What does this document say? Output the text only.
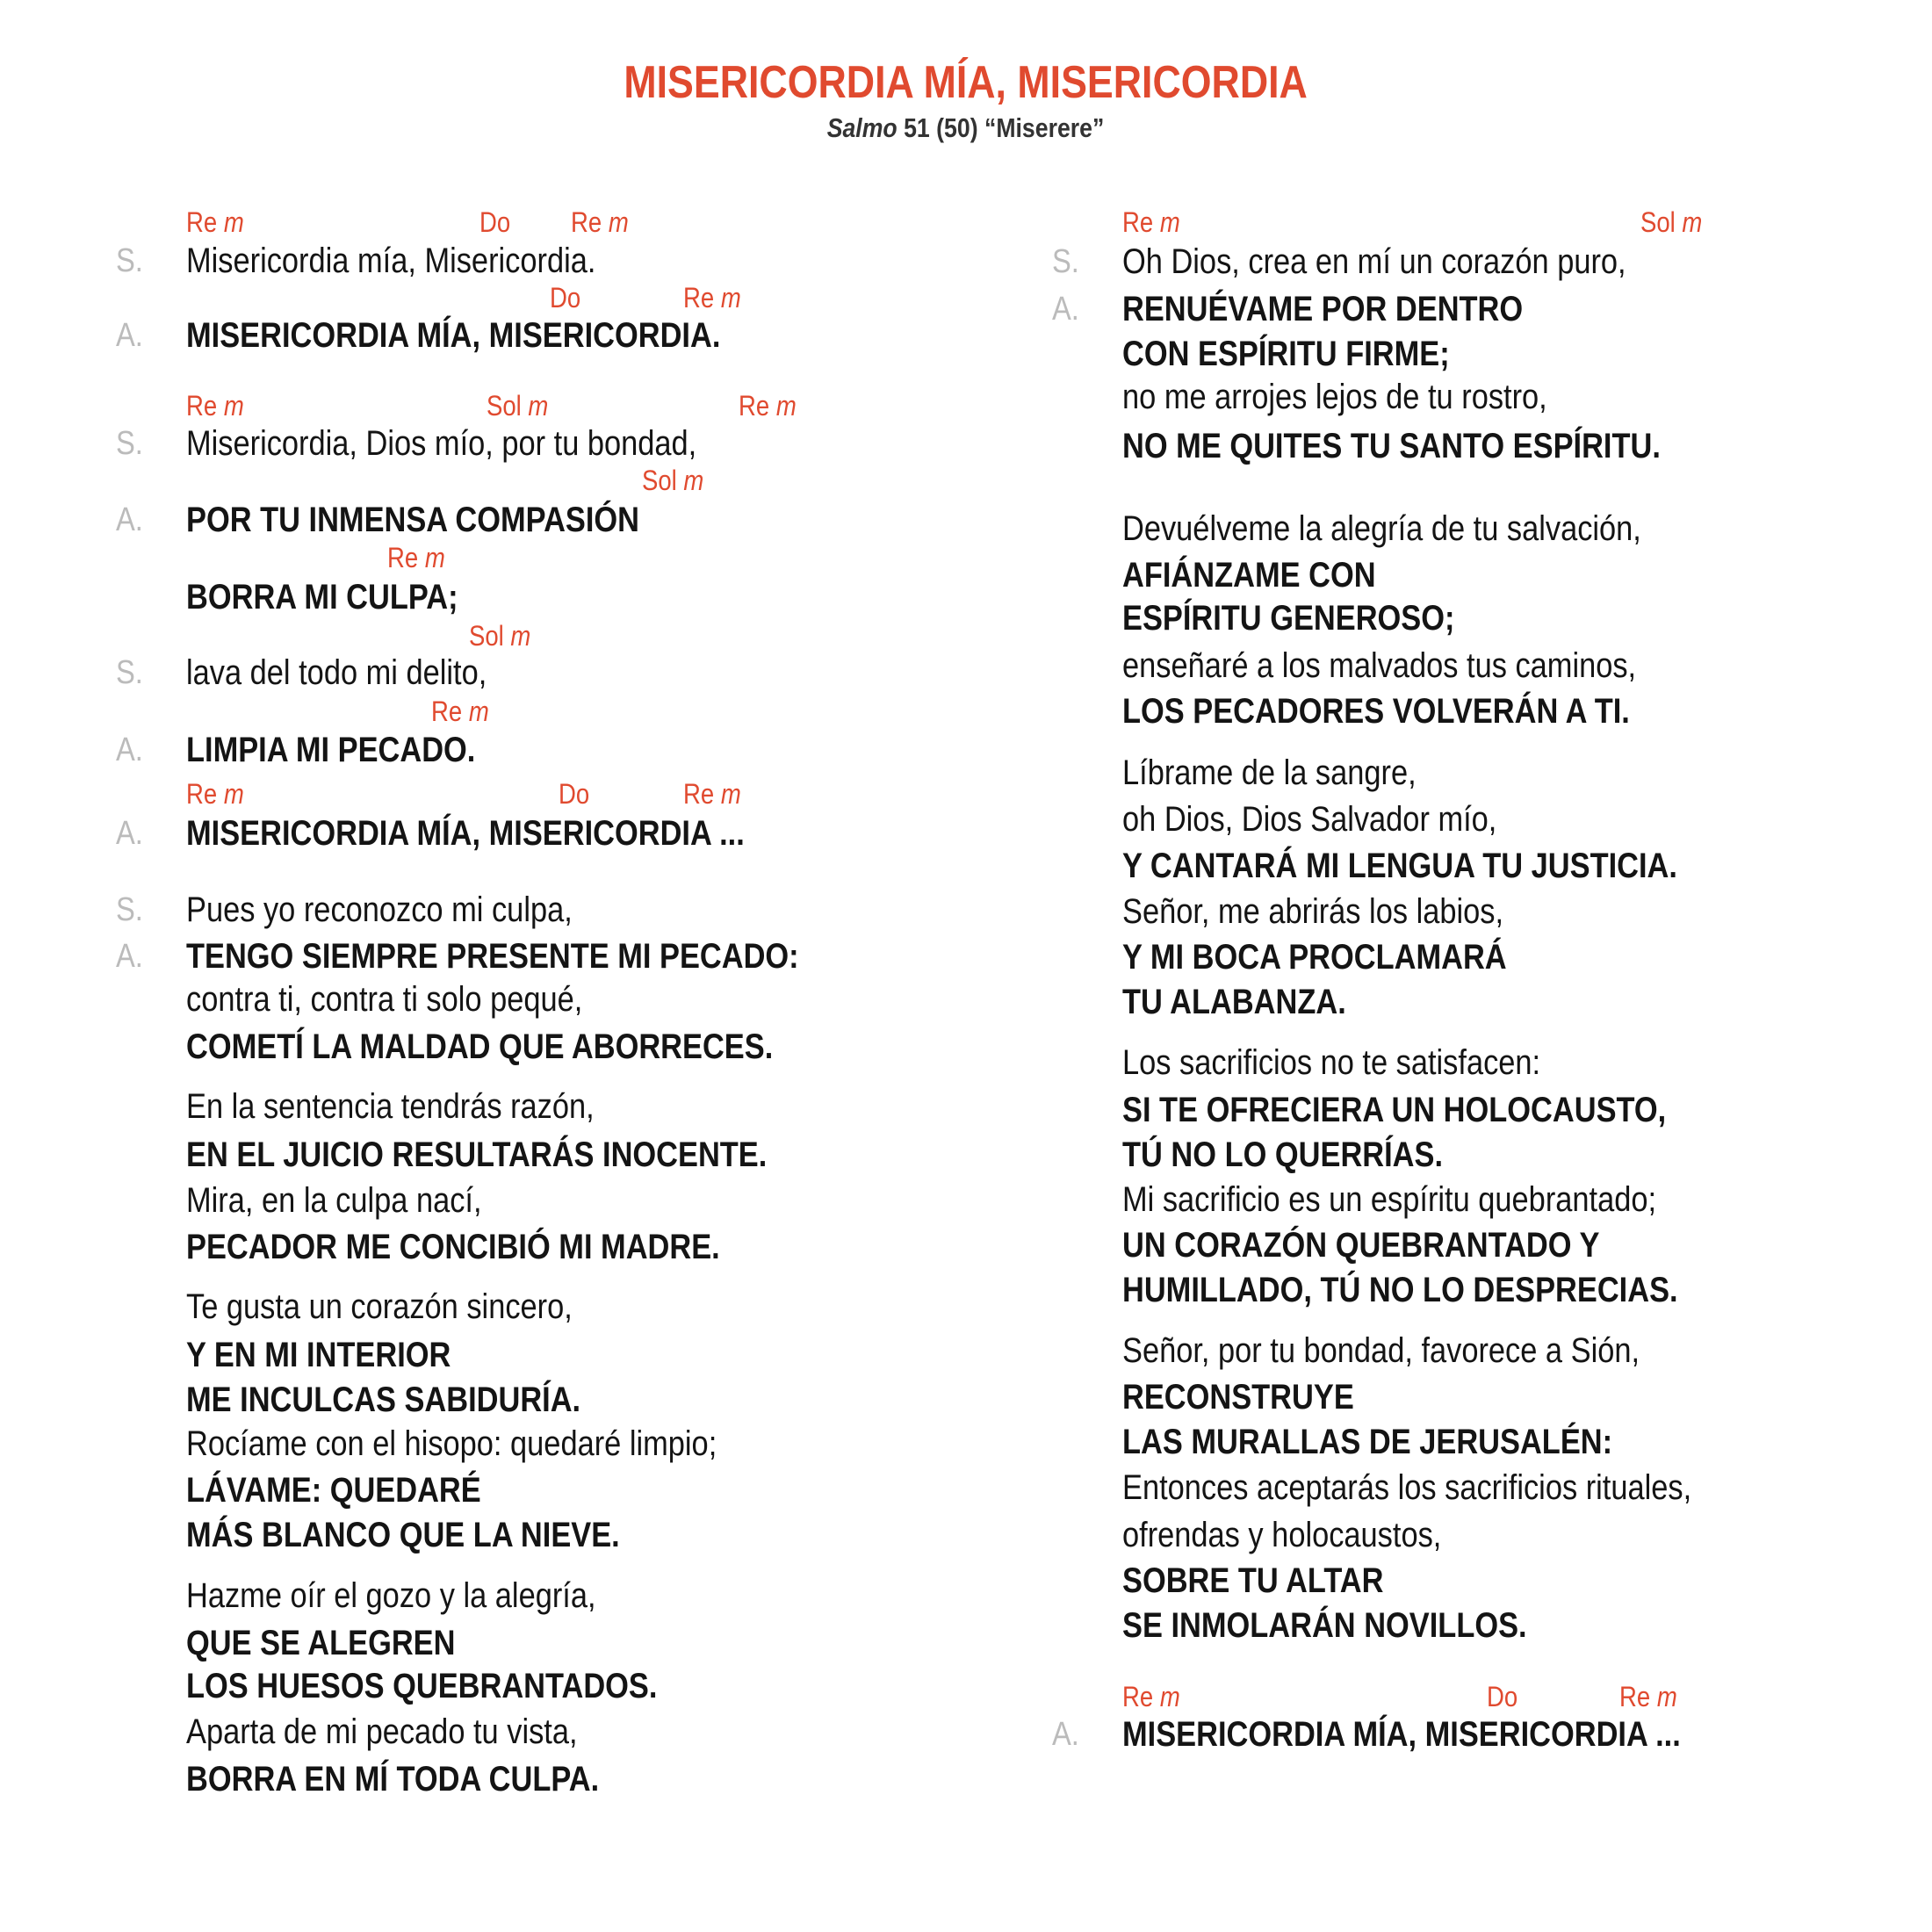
MISERICORDIA MÍA, MISERICORDIA
Salmo 51 (50) “Miserere”
Re m	Do Re m
S. Misericordia mía, Misericordia.
Do	Re m
A. MISERICORDIA MÍA, MISERICORDIA.
Re m	Sol m	Re m
S. Misericordia, Dios mío, por tu bondad,
Sol m
A. POR TU INMENSA COMPASIÓN
Re m
BORRA MI CULPA;
Sol m
S. lava del todo mi delito,
Re m
A. LIMPIA MI PECADO.
Re m	Do	Re m
A. MISERICORDIA MÍA, MISERICORDIA ...
S. Pues yo reconozco mi culpa,
A. TENGO SIEMPRE PRESENTE MI PECADO:
contra ti, contra ti solo pequé,
COMETÍ LA MALDAD QUE ABORRECES.
En la sentencia tendrás razón,
EN EL JUICIO RESULTARÁS INOCENTE.
Mira, en la culpa nací,
PECADOR ME CONCIBIÓ MI MADRE.
Te gusta un corazón sincero,
Y EN MI INTERIOR
ME INCULCAS SABIDURÍA.
Rocíame con el hisopo: quedaré limpio;
LÁVAME: QUEDARÉ
MÁS BLANCO QUE LA NIEVE.
Hazme oír el gozo y la alegría,
QUE SE ALEGREN
LOS HUESOS QUEBRANTADOS.
Aparta de mi pecado tu vista,
BORRA EN MÍ TODA CULPA.
Re m	Sol m
S. Oh Dios, crea en mí un corazón puro,
A. RENUÉVAME POR DENTRO
CON ESPÍRITU FIRME;
no me arrojes lejos de tu rostro,
NO ME QUITES TU SANTO ESPÍRITU.
Devuélveme la alegría de tu salvación,
AFIÁNZAME CON
ESPÍRITU GENEROSO;
enseñaré a los malvados tus caminos,
LOS PECADORES VOLVERÁN A TI.
Líbrame de la sangre,
oh Dios, Dios Salvador mío,
Y CANTARÁ MI LENGUA TU JUSTICIA.
Señor, me abrirás los labios,
Y MI BOCA PROCLAMARÁ
TU ALABANZA.
Los sacrificios no te satisfacen:
SI TE OFRECIERA UN HOLOCAUSTO,
TÚ NO LO QUERRÍAS.
Mi sacrificio es un espíritu quebrantado;
UN CORAZÓN QUEBRANTADO Y
HUMILLADO, TÚ NO LO DESPRECIAS.
Señor, por tu bondad, favorece a Sión,
RECONSTRUYE
LAS MURALLAS DE JERUSALÉN:
Entonces aceptarás los sacrificios rituales,
ofrendas y holocaustos,
SOBRE TU ALTAR
SE INMOLARÁN NOVILLOS.
Re m	Do	Re m
A. MISERICORDIA MÍA, MISERICORDIA ...
